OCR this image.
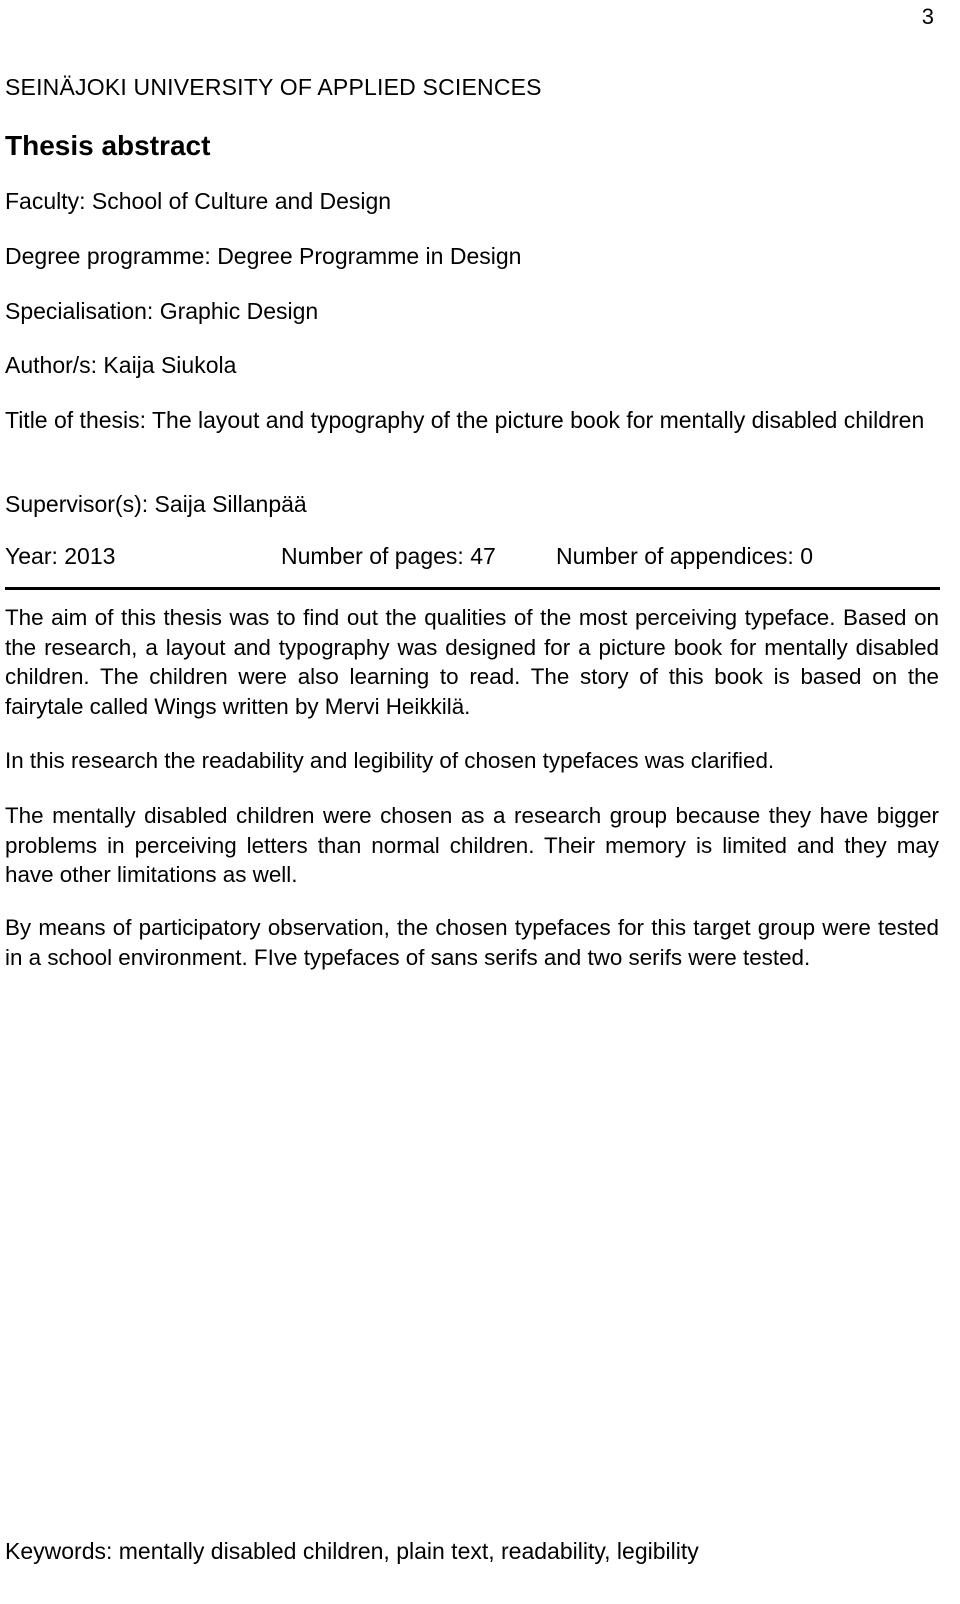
3
SEINÄJOKI UNIVERSITY OF APPLIED SCIENCES
Thesis abstract
Faculty: School of Culture and Design
Degree programme: Degree Programme in Design
Specialisation: Graphic Design
Author/s: Kaija Siukola
Title of thesis: The layout and typography of the picture book for mentally disabled children
Supervisor(s): Saija Sillanpää
Year: 2013	Number of pages: 47	Number of appendices: 0
The aim of this thesis was to find out the qualities of the most perceiving typeface. Based on the research, a layout and typography was designed for a picture book for mentally disabled children. The children were also learning to read. The story of this book is based on the fairytale called Wings written by Mervi Heikkilä.
In this research the readability and legibility of chosen typefaces was clarified.
The mentally disabled children were chosen as a research group because they have bigger problems in perceiving letters than normal children. Their memory is limited and they may have other limitations as well.
By means of participatory observation, the chosen typefaces for this target group were tested in a school environment. FIve typefaces of sans serifs and two serifs were tested.
Keywords: mentally disabled children, plain text, readability, legibility
